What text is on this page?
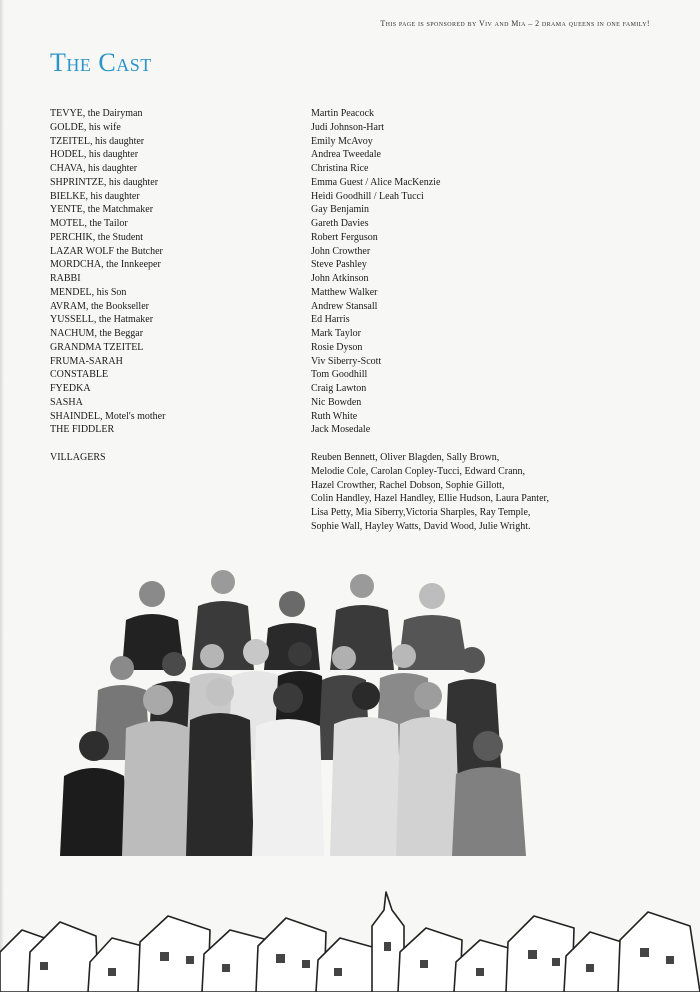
This page is sponsored by Viv and Mia – 2 drama queens in one family!
The Cast
TEVYE, the Dairyman
GOLDE, his wife
TZEITEL, his daughter
HODEL, his daughter
CHAVA, his daughter
SHPRINTZE, his daughter
BIELKE, his daughter
YENTE, the Matchmaker
MOTEL, the Tailor
PERCHIK, the Student
LAZAR WOLF the Butcher
MORDCHA, the Innkeeper
RABBI
MENDEL, his Son
AVRAM, the Bookseller
YUSSELL, the Hatmaker
NACHUM, the Beggar
GRANDMA TZEITEL
FRUMA-SARAH
CONSTABLE
FYEDKA
SASHA
SHAINDEL, Motel's mother
THE FIDDLER
Martin Peacock
Judi Johnson-Hart
Emily McAvoy
Andrea Tweedale
Christina Rice
Emma Guest / Alice MacKenzie
Heidi Goodhill / Leah Tucci
Gay Benjamin
Gareth Davies
Robert Ferguson
John Crowther
Steve Pashley
John Atkinson
Matthew Walker
Andrew Stansall
Ed Harris
Mark Taylor
Rosie Dyson
Viv Siberry-Scott
Tom Goodhill
Craig Lawton
Nic Bowden
Ruth White
Jack Mosedale
VILLAGERS	Reuben Bennett, Oliver Blagden, Sally Brown,
Melodie Cole, Carolan Copley-Tucci, Edward Crann,
Hazel Crowther, Rachel Dobson, Sophie Gillott,
Colin Handley, Hazel Handley, Ellie Hudson, Laura Panter,
Lisa Petty, Mia Siberry,Victoria Sharples, Ray Temple,
Sophie Wall, Hayley Watts, David Wood, Julie Wright.
